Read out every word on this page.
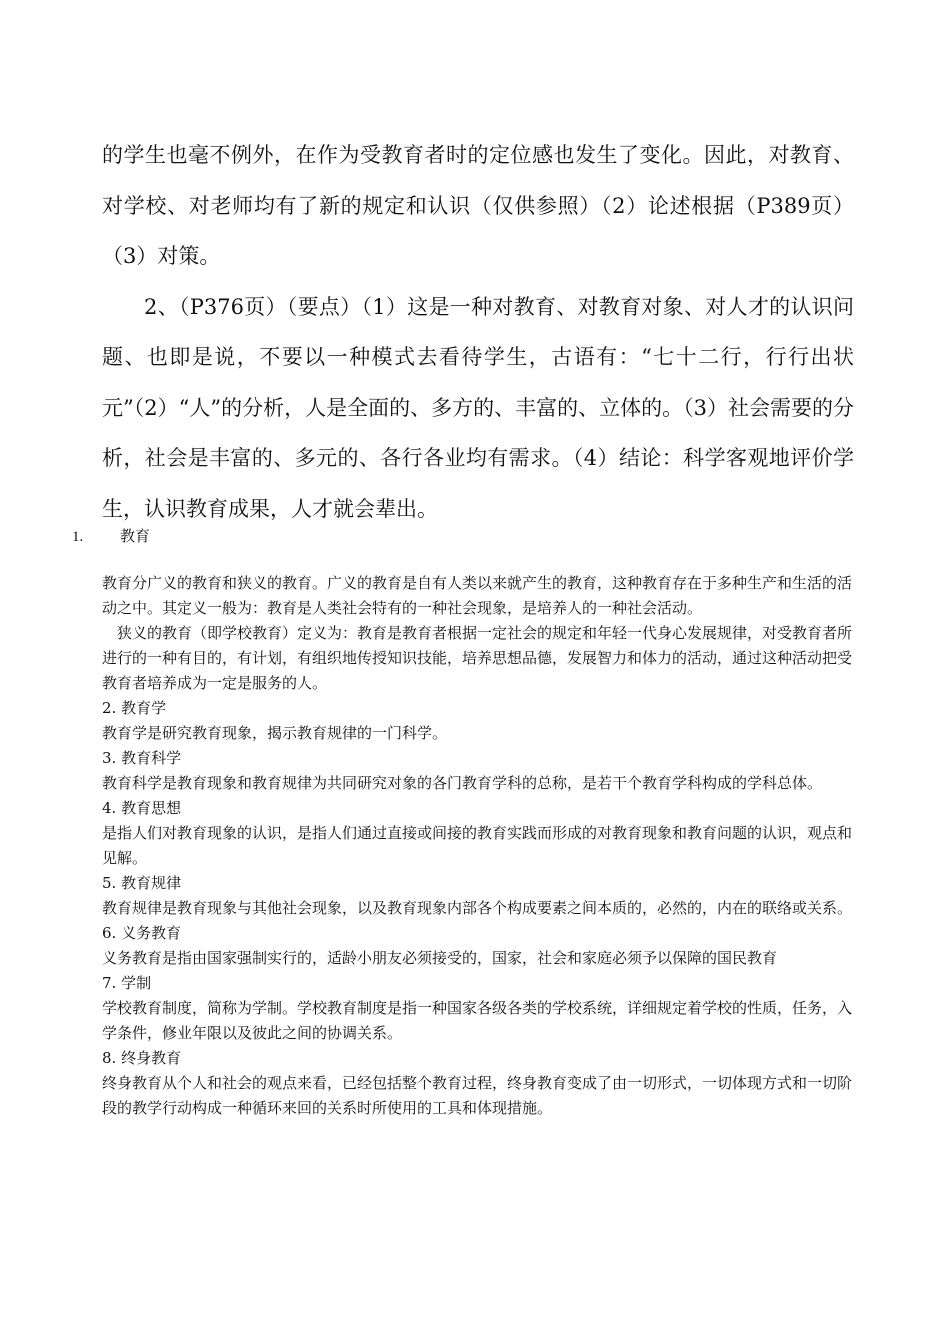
的学生也毫不例外，在作为受教育者时的定位感也发生了变化。因此，对教育、对学校、对老师均有了新的规定和认识（仅供参照）（2）论述根据（P389页）（3）对策。

2、（P376页）（要点）（1）这是一种对教育、对教育对象、对人才的认识问题、也即是说，不要以一种模式去看待学生，古语有：“七十二行，行行出状元”（2）“人”的分析，人是全面的、多方的、丰富的、立体的。（3）社会需要的分析，社会是丰富的、多元的、各行各业均有需求。（4）结论：科学客观地评价学生，认识教育成果，人才就会辈出。

1. 教育

教育分广义的教育和狭义的教育。广义的教育是自有人类以来就产生的教育，这种教育存在于多种生产和生活的活动之中。其定义一般为：教育是人类社会特有的一种社会现象，是培养人的一种社会活动。

狭义的教育（即学校教育）定义为：教育是教育者根据一定社会的规定和年轻一代身心发展规律，对受教育者所进行的一种有目的，有计划，有组织地传授知识技能，培养思想品德，发展智力和体力的活动，通过这种活动把受教育者培养成为一定是服务的人。

2. 教育学

教育学是研究教育现象，揭示教育规律的一门科学。

3. 教育科学

教育科学是教育现象和教育规律为共同研究对象的各门教育学科的总称，是若干个教育学科构成的学科总体。

4. 教育思想

是指人们对教育现象的认识，是指人们通过直接或间接的教育实践而形成的对教育现象和教育问题的认识，观点和见解。

5. 教育规律

教育规律是教育现象与其他社会现象，以及教育现象内部各个构成要素之间本质的，必然的，内在的联络或关系。

6. 义务教育

义务教育是指由国家强制实行的，适龄小朋友必须接受的，国家，社会和家庭必须予以保障的国民教育

7. 学制

学校教育制度，简称为学制。学校教育制度是指一种国家各级各类的学校系统，详细规定着学校的性质，任务，入学条件，修业年限以及彼此之间的协调关系。

8. 终身教育

终身教育从个人和社会的观点来看，已经包括整个教育过程，终身教育变成了由一切形式，一切体现方式和一切阶段的教学行动构成一种循环来回的关系时所使用的工具和体现措施。
